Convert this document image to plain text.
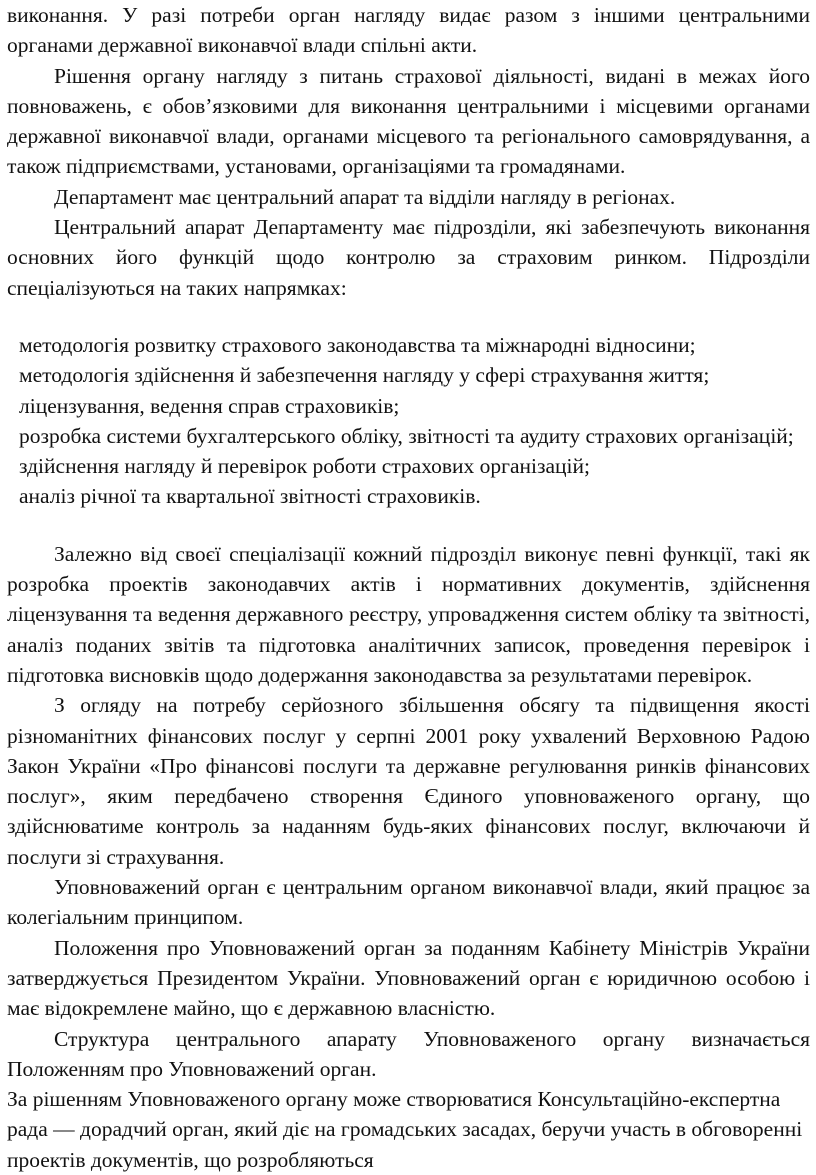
виконання. У разі потреби орган нагляду видає разом з іншими центральними органами державної виконавчої влади спільні акти.

Рішення органу нагляду з питань страхової діяльності, видані в межах його повноважень, є обов’язковими для виконання центральними і місцевими органами державної виконавчої влади, органами місцевого та регіонального самоврядування, а також підприємствами, установами, організаціями та громадянами.

Департамент має центральний апарат та відділи нагляду в регіонах.

Центральний апарат Департаменту має підрозділи, які забезпечують виконання основних його функцій щодо контролю за страховим ринком. Підрозділи спеціалізуються на таких напрямках:

методологія розвитку страхового законодавства та міжнародні відносини;
методологія здійснення й забезпечення нагляду у сфері страхування життя;
ліцензування, ведення справ страховиків;
розробка системи бухгалтерського обліку, звітності та аудиту страхових організацій;
здійснення нагляду й перевірок роботи страхових організацій;
аналіз річної та квартальної звітності страховиків.

Залежно від своєї спеціалізації кожний підрозділ виконує певні функції, такі як розробка проектів законодавчих актів і нормативних документів, здійснення ліцензування та ведення державного реєстру, упровадження систем обліку та звітності, аналіз поданих звітів та підготовка аналітичних записок, проведення перевірок і підготовка висновків щодо додержання законодавства за результатами перевірок.

З огляду на потребу серйозного збільшення обсягу та підвищення якості різноманітних фінансових послуг у серпні 2001 року ухвалений Верховною Радою Закон України «Про фінансові послуги та державне регулювання ринків фінансових послуг», яким передбачено створення Єдиного уповноваженого органу, що здійснюватиме контроль за наданням будь-яких фінансових послуг, включаючи й послуги зі страхування.

Уповноважений орган є центральним органом виконавчої влади, який працює за колегіальним принципом.

Положення про Уповноважений орган за поданням Кабінету Міністрів України затверджується Президентом України. Уповноважений орган є юридичною особою і має відокремлене майно, що є державною власністю.

Структура центрального апарату Уповноваженого органу визначається Положенням про Уповноважений орган.

За рішенням Уповноваженого органу може створюватися Консультаційно-експертна рада — дорадчий орган, який діє на громадських засадах, беручи участь в обговоренні проектів документів, що розробляються
